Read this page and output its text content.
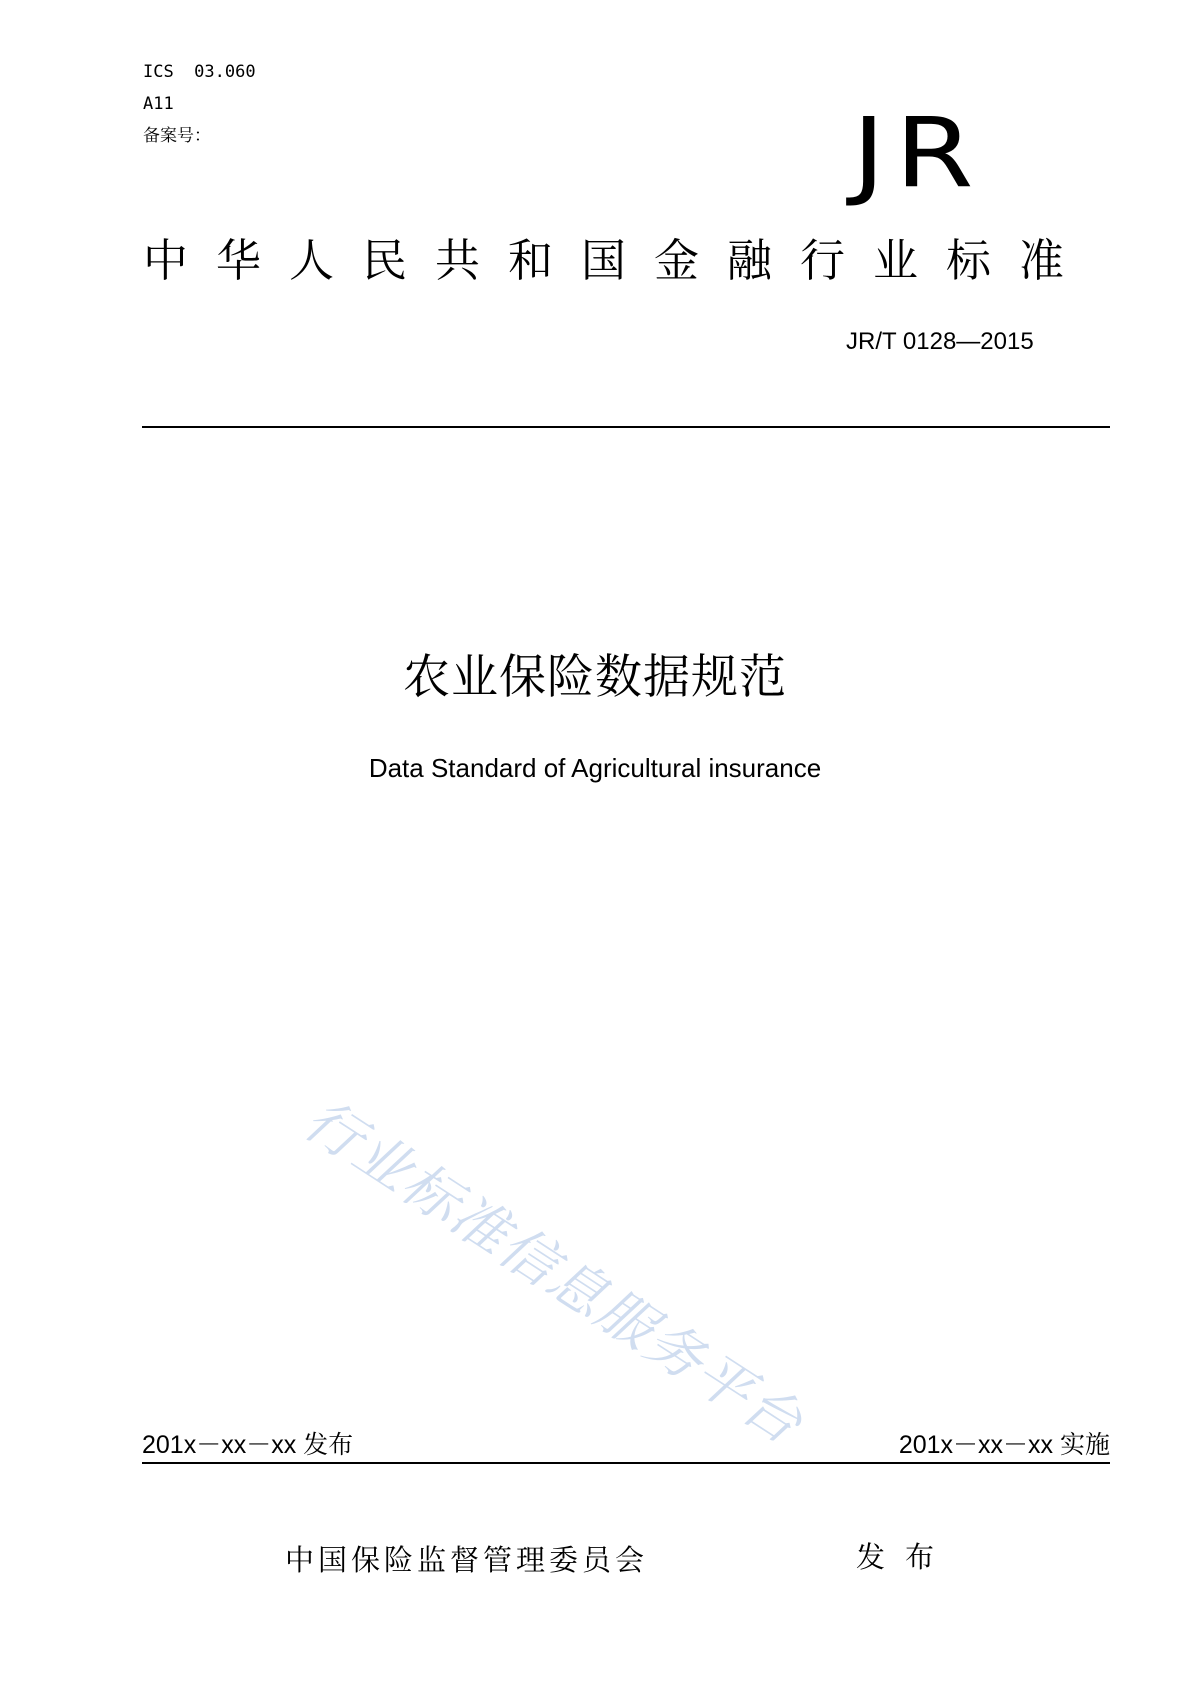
ICS  03.060
A11
备案号：	JR
中华人民共和国金融行业标准
JR/T 0128—2015
农业保险数据规范
Data Standard of Agricultural insurance
行业标准信息服务平台
201x－xx－xx 发布	201x－xx－xx 实施
中国保险监督管理委员会	发布
